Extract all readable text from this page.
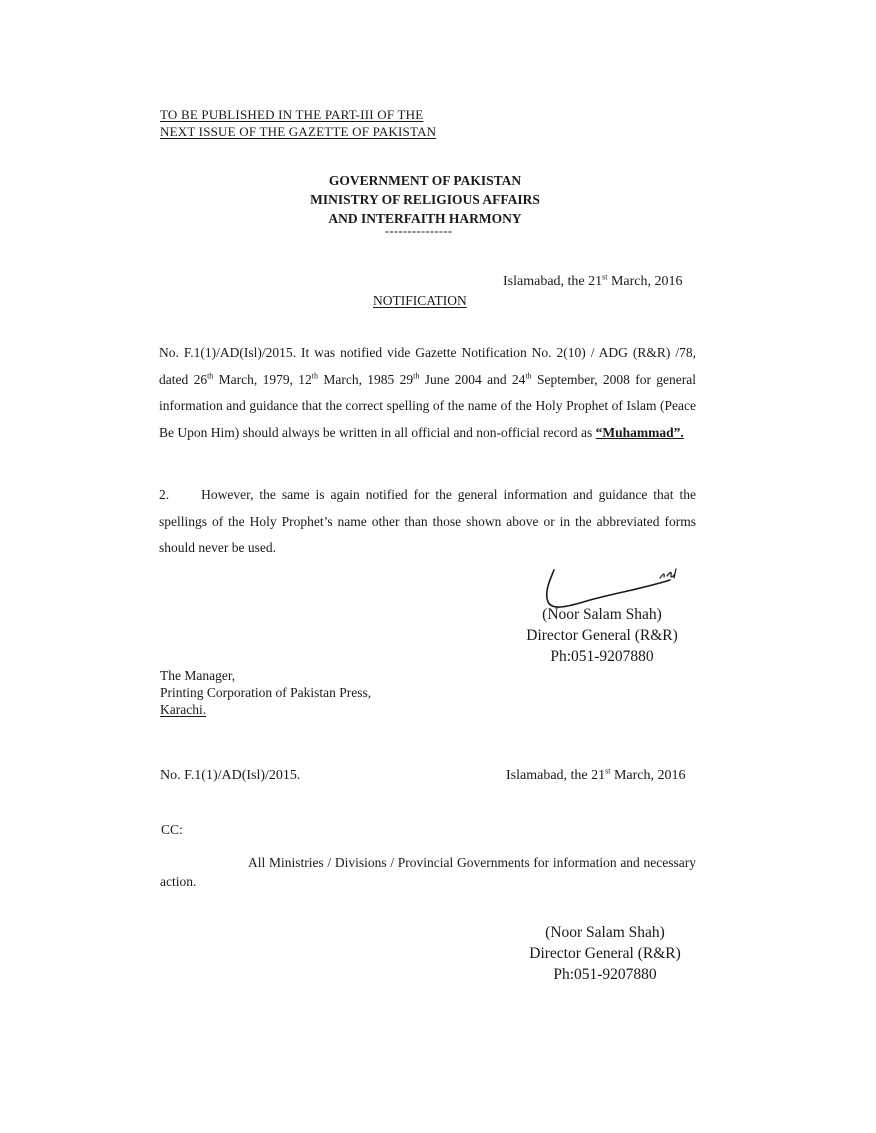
TO BE PUBLISHED IN THE PART-III OF THE
NEXT ISSUE OF THE GAZETTE OF PAKISTAN
GOVERNMENT OF PAKISTAN
MINISTRY OF RELIGIOUS AFFAIRS
AND INTERFAITH HARMONY
---------------
Islamabad, the 21st March, 2016
NOTIFICATION
No. F.1(1)/AD(Isl)/2015. It was notified vide Gazette Notification No. 2(10) / ADG (R&R) /78, dated 26th March, 1979, 12th March, 1985 29th June 2004 and 24th September, 2008 for general information and guidance that the correct spelling of the name of the Holy Prophet of Islam (Peace Be Upon Him) should always be written in all official and non-official record as “Muhammad”.
2. However, the same is again notified for the general information and guidance that the spellings of the Holy Prophet’s name other than those shown above or in the abbreviated forms should never be used.
(Noor Salam Shah)
Director General (R&R)
Ph:051-9207880
The Manager,
Printing Corporation of Pakistan Press,
Karachi.
No. F.1(1)/AD(Isl)/2015.	Islamabad, the 21st March, 2016
CC:
All Ministries / Divisions / Provincial Governments for information and necessary action.
(Noor Salam Shah)
Director General (R&R)
Ph:051-9207880
